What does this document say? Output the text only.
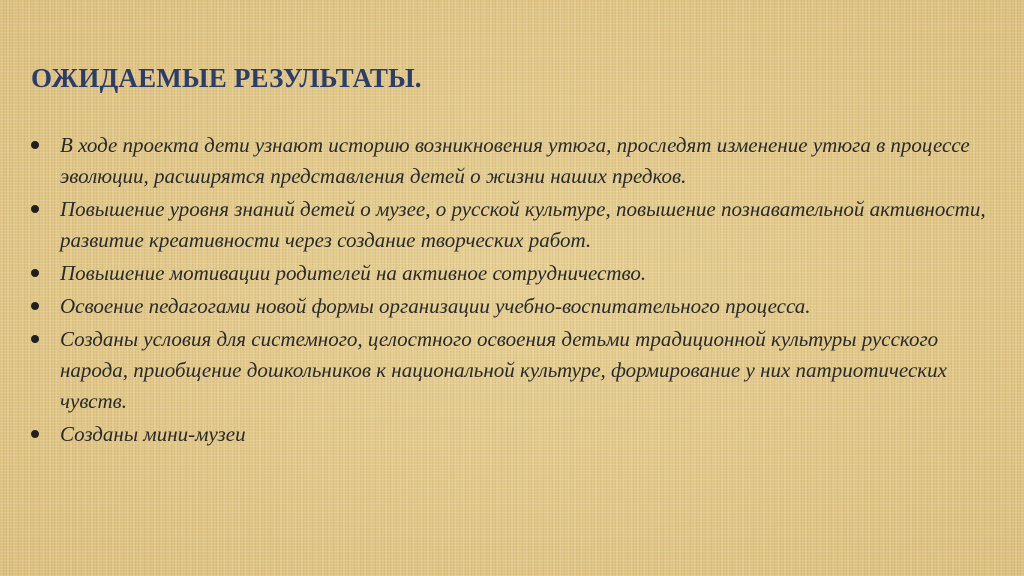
ОЖИДАЕМЫЕ РЕЗУЛЬТАТЫ.
В ходе проекта дети узнают историю возникновения утюга, проследят изменение утюга в процессе эволюции, расширятся представления детей о жизни наших предков.
Повышение уровня знаний детей о музее, о русской культуре, повышение познавательной активности, развитие креативности через создание творческих работ.
Повышение мотивации родителей на активное сотрудничество.
Освоение педагогами новой формы организации учебно-воспитательного процесса.
Созданы условия для системного, целостного освоения детьми традиционной культуры русского народа, приобщение дошкольников к национальной культуре, формирование у них патриотических чувств.
Созданы мини-музеи
